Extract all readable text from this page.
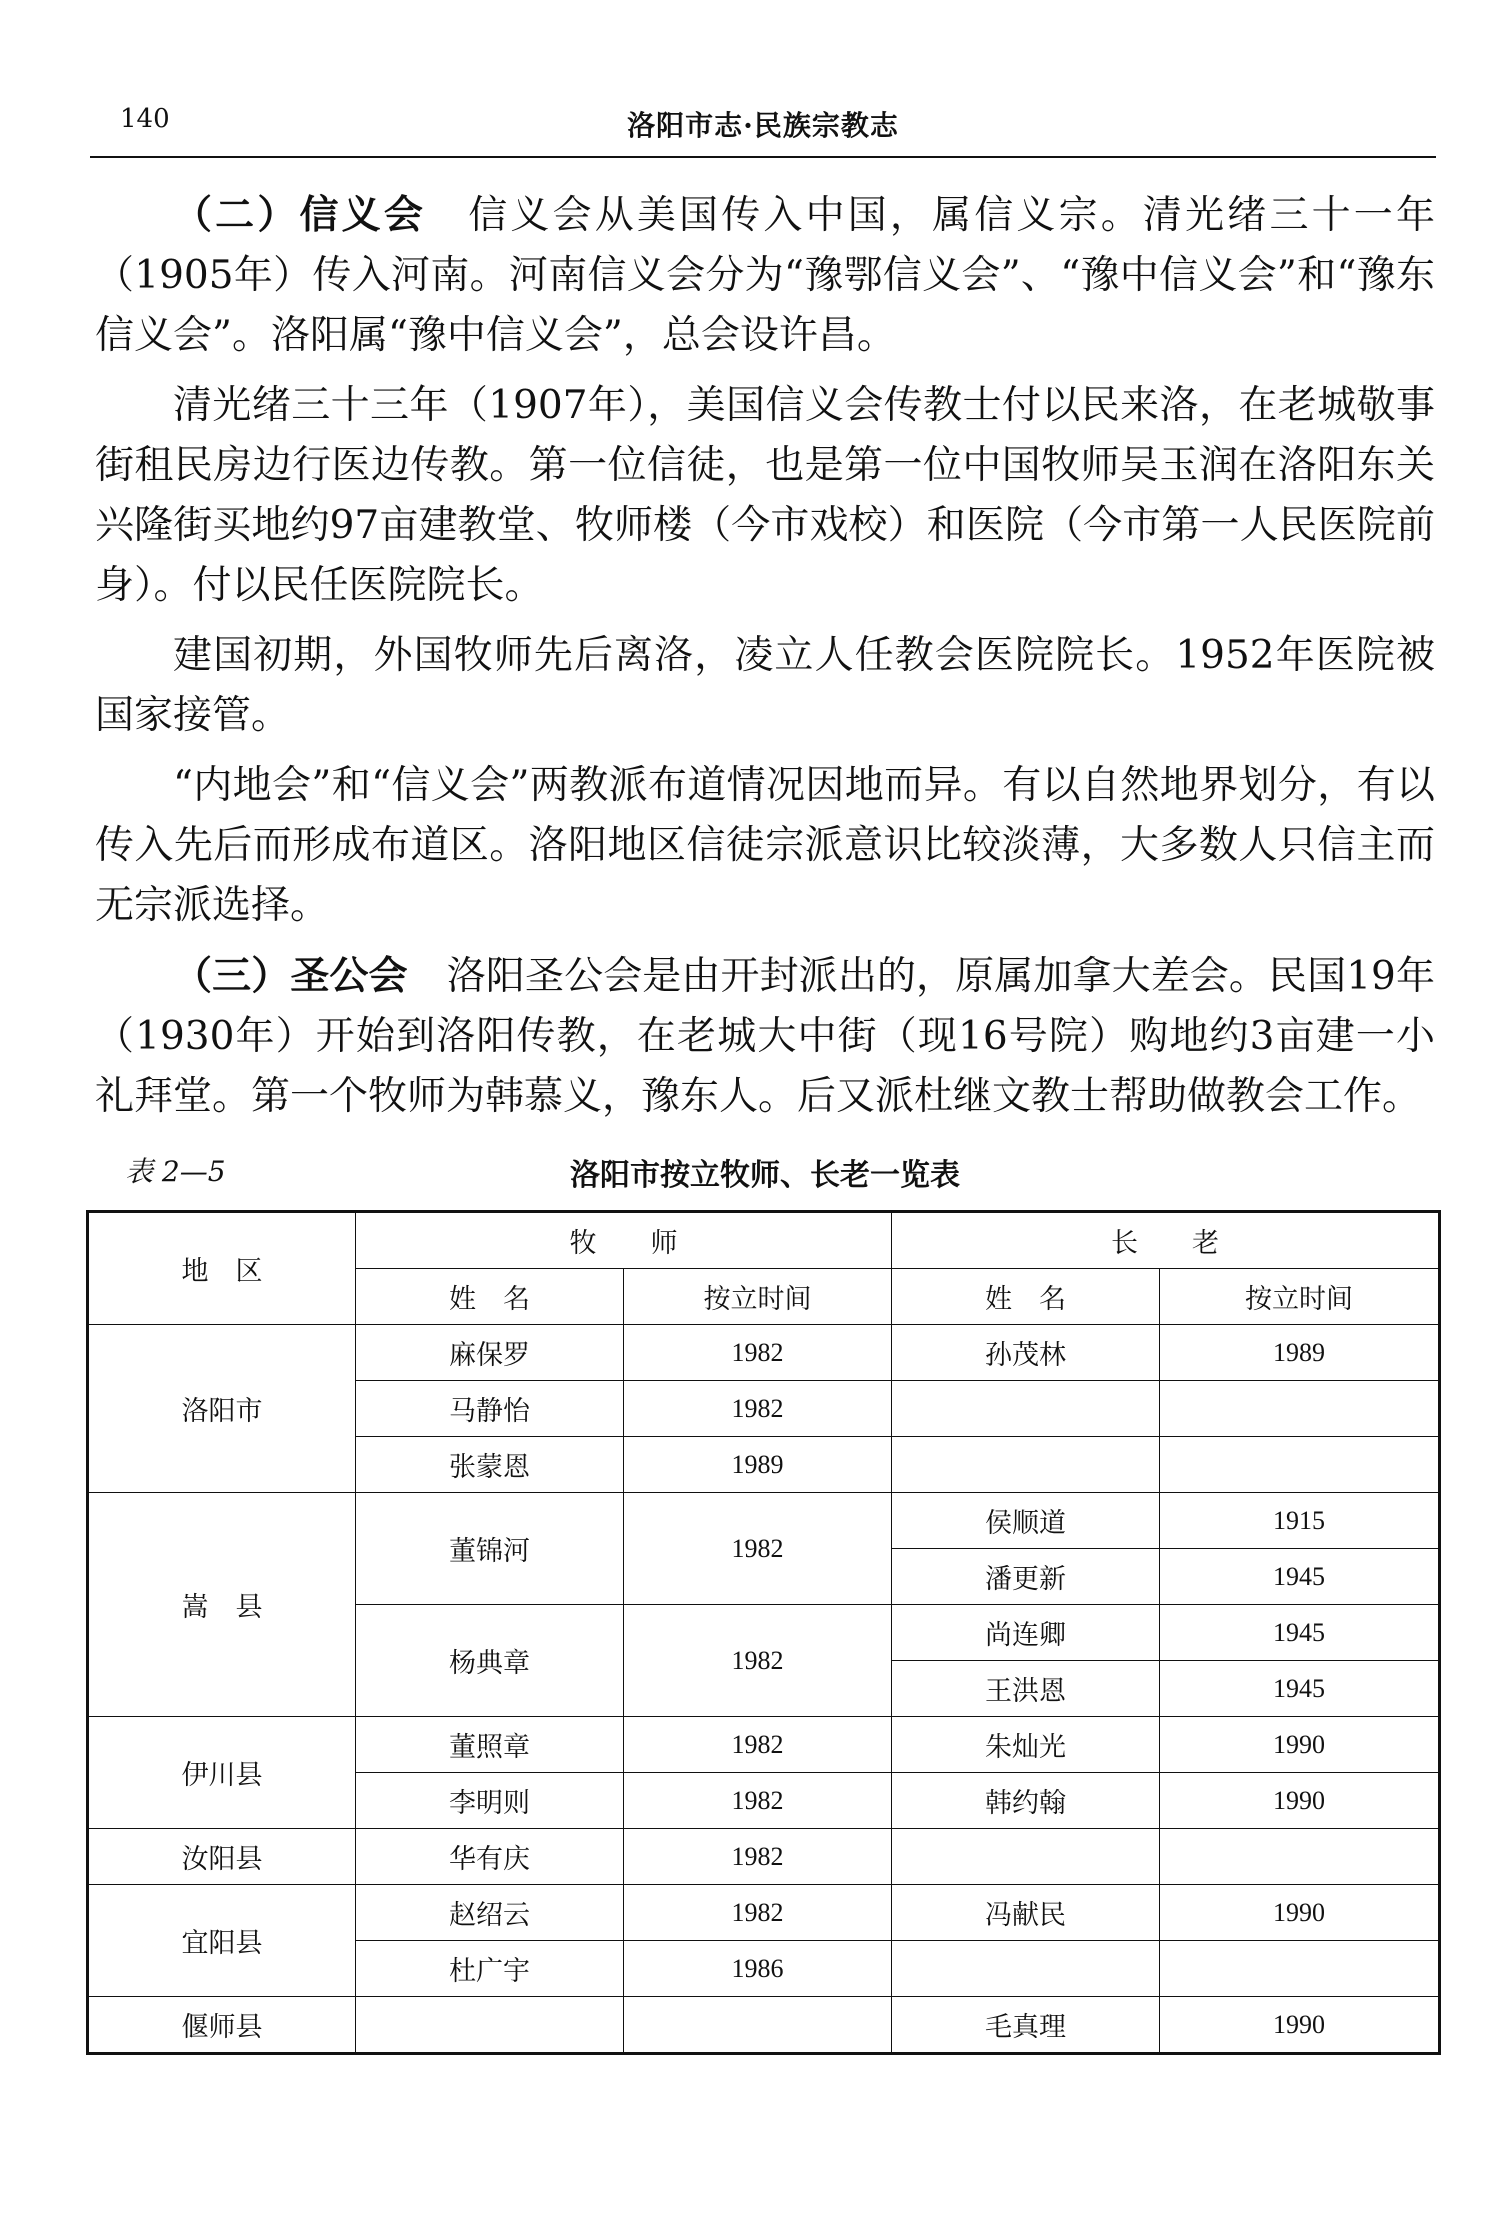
140	洛阳市志·民族宗教志

（二）信义会　 信义会从美国传入中国，属信义宗。清光绪三十一年（1905年）传入河南。河南信义会分为“豫鄂信义会”、“豫中信义会”和“豫东信义会”。洛阳属“豫中信义会”，总会设许昌。

清光绪三十三年（1907年），美国信义会传教士付以民来洛，在老城敬事街租民房边行医边传教。第一位信徒，也是第一位中国牧师吴玉润在洛阳东关兴隆街买地约97亩建教堂、牧师楼（今市戏校）和医院（今市第一人民医院前身）。付以民任医院院长。

建国初期，外国牧师先后离洛，凌立人任教会医院院长。1952年医院被国家接管。

“内地会”和“信义会”两教派布道情况因地而异。有以自然地界划分，有以传入先后而形成布道区。洛阳地区信徒宗派意识比较淡薄，大多数人只信主而无宗派选择。

（三）圣公会　 洛阳圣公会是由开封派出的，原属加拿大差会。民国19年（1930年）开始到洛阳传教，在老城大中街（现16号院）购地约3亩建一小礼拜堂。第一个牧师为韩慕义，豫东人。后又派杜继文教士帮助做教会工作。

表 2—5	洛阳市按立牧师、长老一览表
地　区	牧　　师		长　　老	
	姓　名	按立时间	姓　名	按立时间
洛阳市	麻保罗	1982	孙茂林	1989
	马静怡	1982		
	张蒙恩	1989		
嵩　县	董锦河	1982	侯顺道	1915
			潘更新	1945
	杨典章	1982	尚连卿	1945
			王洪恩	1945
伊川县	董照章	1982	朱灿光	1990
	李明则	1982	韩约翰	1990
汝阳县	华有庆	1982		
宜阳县	赵绍云	1982	冯献民	1990
	杜广宇	1986		
偃师县			毛真理	1990
